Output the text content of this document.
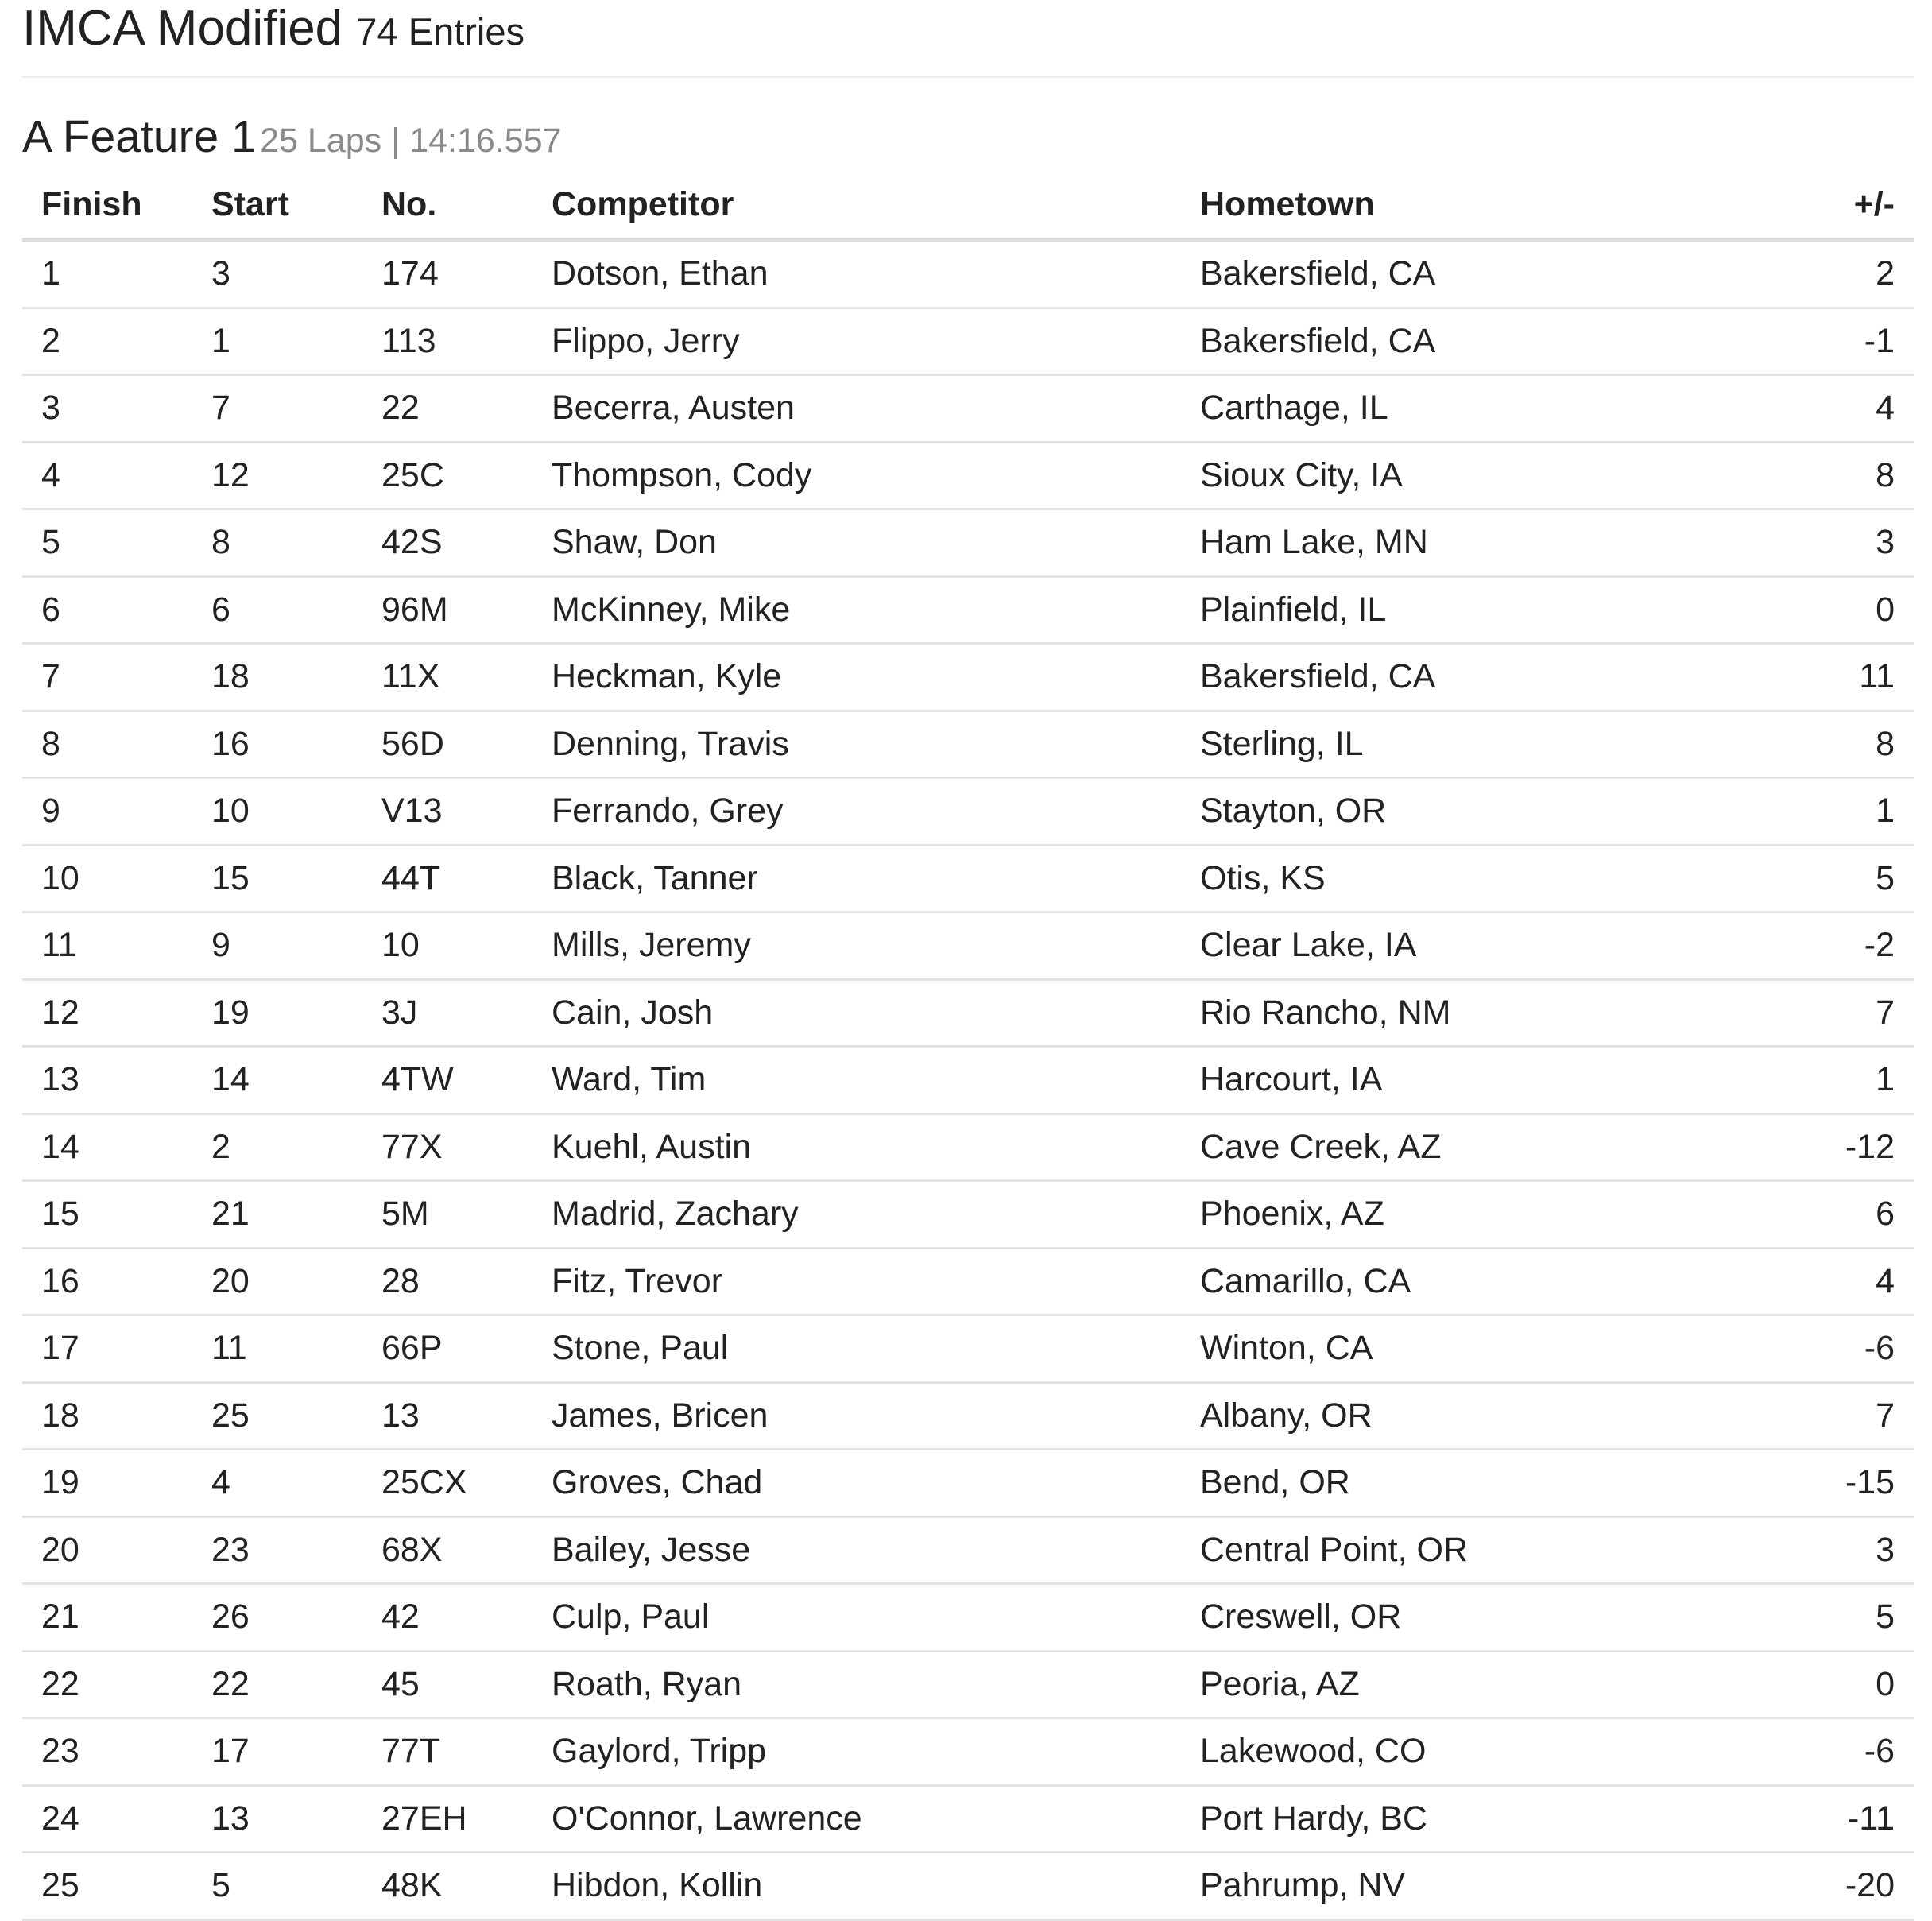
IMCA Modified 74 Entries
A Feature 1 25 Laps | 14:16.557
Finish	Start	No.	Competitor	Hometown	+/-
1	3	174	Dotson, Ethan	Bakersfield, CA	2
2	1	113	Flippo, Jerry	Bakersfield, CA	-1
3	7	22	Becerra, Austen	Carthage, IL	4
4	12	25C	Thompson, Cody	Sioux City, IA	8
5	8	42S	Shaw, Don	Ham Lake, MN	3
6	6	96M	McKinney, Mike	Plainfield, IL	0
7	18	11X	Heckman, Kyle	Bakersfield, CA	11
8	16	56D	Denning, Travis	Sterling, IL	8
9	10	V13	Ferrando, Grey	Stayton, OR	1
10	15	44T	Black, Tanner	Otis, KS	5
11	9	10	Mills, Jeremy	Clear Lake, IA	-2
12	19	3J	Cain, Josh	Rio Rancho, NM	7
13	14	4TW	Ward, Tim	Harcourt, IA	1
14	2	77X	Kuehl, Austin	Cave Creek, AZ	-12
15	21	5M	Madrid, Zachary	Phoenix, AZ	6
16	20	28	Fitz, Trevor	Camarillo, CA	4
17	11	66P	Stone, Paul	Winton, CA	-6
18	25	13	James, Bricen	Albany, OR	7
19	4	25CX	Groves, Chad	Bend, OR	-15
20	23	68X	Bailey, Jesse	Central Point, OR	3
21	26	42	Culp, Paul	Creswell, OR	5
22	22	45	Roath, Ryan	Peoria, AZ	0
23	17	77T	Gaylord, Tripp	Lakewood, CO	-6
24	13	27EH	O'Connor, Lawrence	Port Hardy, BC	-11
25	5	48K	Hibdon, Kollin	Pahrump, NV	-20
